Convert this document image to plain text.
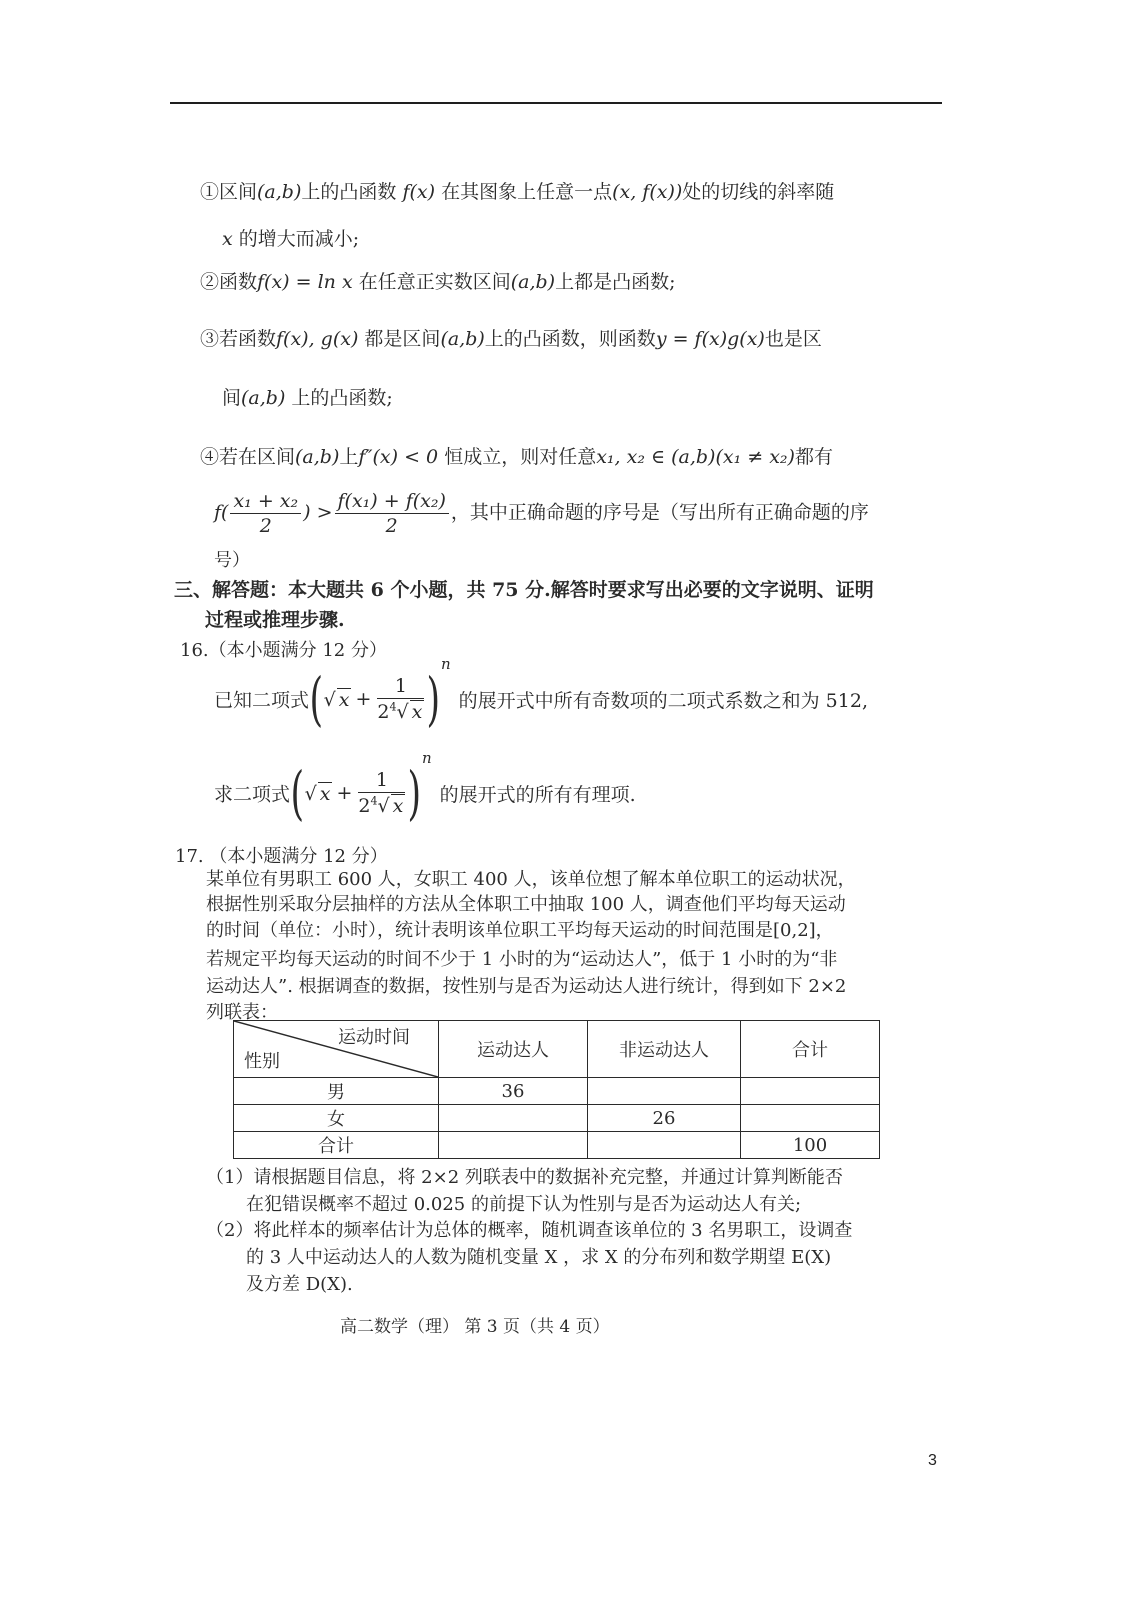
①区间(a,b)上的凸函数 f(x) 在其图象上任意一点(x, f(x))处的切线的斜率随
x 的增大而减小;
②函数f(x) = ln x 在任意正实数区间(a,b)上都是凸函数;
③若函数f(x), g(x) 都是区间(a,b)上的凸函数，则函数y = f(x)g(x)也是区
间(a,b) 上的凸函数;
④若在区间(a,b)上f″(x) < 0 恒成立，则对任意x₁, x₂ ∈ (a,b)(x₁ ≠ x₂)都有
$f( \frac{\text{x₁ + x₂}}{2}$ ) > $\frac{\text{f(x₁) + f(x₂)}}{2}$ ，其中正确命题的序号是（写出所有正确命题的序
号）
三、解答题：本大题共 6 个小题，共 75 分.解答时要求写出必要的文字说明、证明
过程或推理步骤.
16.（本小题满分 12 分）
已知二项式(√ $x + \frac{1}{2^4√ x} )^n$的展开式中所有奇数项的二项式系数之和为 512,
求二项式(√ $x + \frac{1}{2^4√ x} )^n$的展开式的所有有理项.
17. （本小题满分 12 分）
某单位有男职工 600 人，女职工 400 人，该单位想了解本单位职工的运动状况，
根据性别采取分层抽样的方法从全体职工中抽取 100 人，调查他们平均每天运动
的时间（单位：小时），统计表明该单位职工平均每天运动的时间范围是[0,2]，
若规定平均每天运动的时间不少于 1 小时的为“运动达人”，低于 1 小时的为“非
运动达人”. 根据调查的数据，按性别与是否为运动达人进行统计，得到如下 2×2
列联表：
运动时间
性别	运动达人	非运动达人	合计
男	36		
女		26	
合计			100
（1）请根据题目信息，将 2×2 列联表中的数据补充完整，并通过计算判断能否
在犯错误概率不超过 0.025 的前提下认为性别与是否为运动达人有关;
（2）将此样本的频率估计为总体的概率，随机调查该单位的 3 名男职工，设调查
的 3 人中运动达人的人数为随机变量 X ，求 X 的分布列和数学期望 E(X)
及方差 D(X).
高二数学（理） 第 3 页（共 4 页）
3
